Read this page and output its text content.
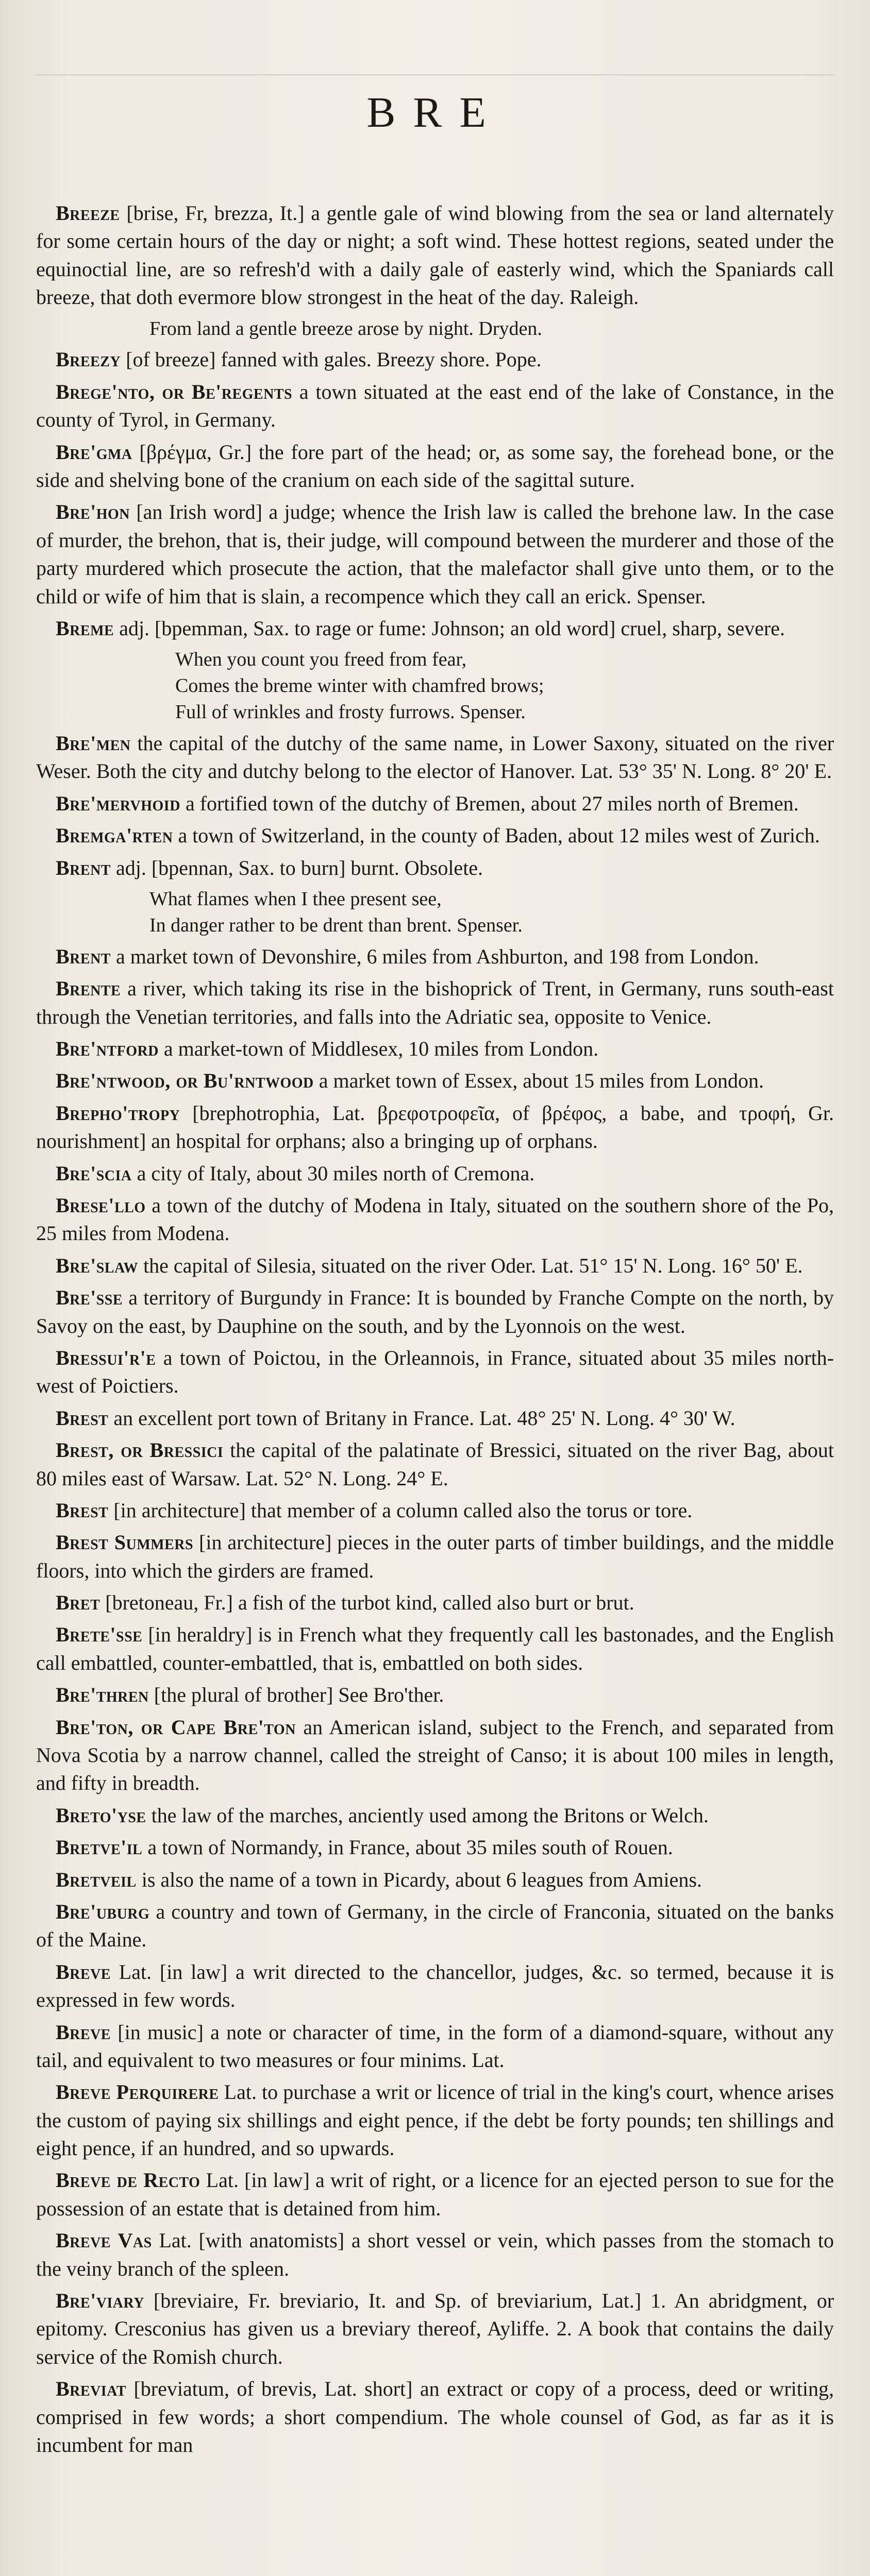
BRE

Breeze [brise, Fr, brezza, It.] a gentle gale of wind blowing from the sea or land alternately for some certain hours of the day or night; a soft wind. These hottest regions, seated under the equinoctial line, are so refresh'd with a daily gale of easterly wind, which the Spaniards call breeze, that doth evermore blow strongest in the heat of the day. Raleigh.

From land a gentle breeze arose by night. Dryden.

Breezy [of breeze] fanned with gales. Breezy shore. Pope.

Brege'nto, or Be'regents a town situated at the east end of the lake of Constance, in the county of Tyrol, in Germany.

Bre'gma [βρέγμα, Gr.] the fore part of the head; or, as some say, the forehead bone, or the side and shelving bone of the cranium on each side of the sagittal suture.

Bre'hon [an Irish word] a judge; whence the Irish law is called the brehone law. In the case of murder, the brehon, that is, their judge, will compound between the murderer and those of the party murdered which prosecute the action, that the malefactor shall give unto them, or to the child or wife of him that is slain, a recompence which they call an erick. Spenser.

Breme adj. [bpemman, Sax. to rage or fume: Johnson; an old word] cruel, sharp, severe.

When you count you freed from fear,
Comes the breme winter with chamfred brows;
Full of wrinkles and frosty furrows. Spenser.

Bre'men the capital of the dutchy of the same name, in Lower Saxony, situated on the river Weser. Both the city and dutchy belong to the elector of Hanover. Lat. 53° 35' N. Long. 8° 20' E.

Bre'mervhoid a fortified town of the dutchy of Bremen, about 27 miles north of Bremen.

Bremga'rten a town of Switzerland, in the county of Baden, about 12 miles west of Zurich.

Brent adj. [bpennan, Sax. to burn] burnt. Obsolete.

What flames when I thee present see,
In danger rather to be drent than brent. Spenser.

Brent a market town of Devonshire, 6 miles from Ashburton, and 198 from London.

Brente a river, which taking its rise in the bishoprick of Trent, in Germany, runs south-east through the Venetian territories, and falls into the Adriatic sea, opposite to Venice.

Bre'ntford a market-town of Middlesex, 10 miles from London.

Bre'ntwood, or Bu'rntwood a market town of Essex, about 15 miles from London.

Brepho'tropy [brephotrophia, Lat. βρεφοτροφεῖα, of βρέφος, a babe, and τροφή, Gr. nourishment] an hospital for orphans; also a bringing up of orphans.

Bre'scia a city of Italy, about 30 miles north of Cremona.

Brese'llo a town of the dutchy of Modena in Italy, situated on the southern shore of the Po, 25 miles from Modena.

Bre'slaw the capital of Silesia, situated on the river Oder. Lat. 51° 15' N. Long. 16° 50' E.

Bre'sse a territory of Burgundy in France: It is bounded by Franche Compte on the north, by Savoy on the east, by Dauphine on the south, and by the Lyonnois on the west.

Bressui'r'e a town of Poictou, in the Orleannois, in France, situated about 35 miles north-west of Poictiers.

Brest an excellent port town of Britany in France. Lat. 48° 25' N. Long. 4° 30' W.

Brest, or Bressici the capital of the palatinate of Bressici, situated on the river Bag, about 80 miles east of Warsaw. Lat. 52° N. Long. 24° E.

Brest [in architecture] that member of a column called also the torus or tore.

Brest Summers [in architecture] pieces in the outer parts of timber buildings, and the middle floors, into which the girders are framed.

Bret [bretoneau, Fr.] a fish of the turbot kind, called also burt or brut.

Brete'sse [in heraldry] is in French what they frequently call les bastonades, and the English call embattled, counter-embattled, that is, embattled on both sides.

Bre'thren [the plural of brother] See Bro'ther.

Bre'ton, or Cape Bre'ton an American island, subject to the French, and separated from Nova Scotia by a narrow channel, called the streight of Canso; it is about 100 miles in length, and fifty in breadth.

Breto'yse the law of the marches, anciently used among the Britons or Welch.

Bretve'il a town of Normandy, in France, about 35 miles south of Rouen.

Bretveil is also the name of a town in Picardy, about 6 leagues from Amiens.

Bre'uburg a country and town of Germany, in the circle of Franconia, situated on the banks of the Maine.

Breve Lat. [in law] a writ directed to the chancellor, judges, &c. so termed, because it is expressed in few words.

Breve [in music] a note or character of time, in the form of a diamond-square, without any tail, and equivalent to two measures or four minims. Lat.

Breve Perquirere Lat. to purchase a writ or licence of trial in the king's court, whence arises the custom of paying six shillings and eight pence, if the debt be forty pounds; ten shillings and eight pence, if an hundred, and so upwards.

Breve de Recto Lat. [in law] a writ of right, or a licence for an ejected person to sue for the possession of an estate that is detained from him.

Breve Vas Lat. [with anatomists] a short vessel or vein, which passes from the stomach to the veiny branch of the spleen.

Bre'viary [breviaire, Fr. breviario, It. and Sp. of breviarium, Lat.] 1. An abridgment, or epitomy. Cresconius has given us a breviary thereof, Ayliffe. 2. A book that contains the daily service of the Romish church.

Breviat [breviatum, of brevis, Lat. short] an extract or copy of a process, deed or writing, comprised in few words; a short compendium. The whole counsel of God, as far as it is incumbent for man
